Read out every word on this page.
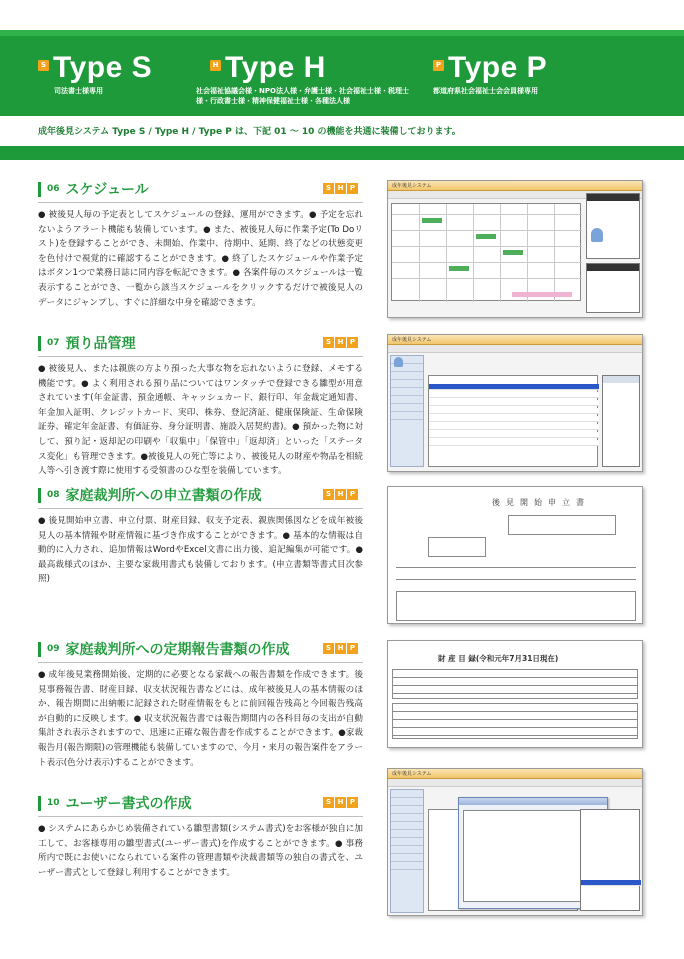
S Type S
司法書士様専用
H Type H
社会福祉協議会様・NPO法人様・弁護士様・社会福祉士様・税理士様・行政書士様・精神保健福祉士様・各種法人様
P Type P
都道府県社会福祉士会会員様専用
成年後見システム Type S / Type H / Type P は、下記 01 〜 10 の機能を共通に装備しております。
06 スケジュール	S H P
● 被後見人毎の予定表としてスケジュールの登録、運用ができます。● 予定を忘れないようアラート機能も装備しています。● また、被後見人毎に作業予定(To Doリスト)を登録することができ、未開始、作業中、待期中、延期、終了などの状態変更を色付けで視覚的に確認することができます。● 終了したスケジュールや作業予定はボタン1つで業務日誌に同内容を転記できます。● 各案件毎のスケジュールは一覧表示することができ、一覧から該当スケジュールをクリックするだけで被後見人のデータにジャンプし、すぐに詳細な中身を確認できます。
成年後見システム
07 預り品管理	S H P
● 被後見人、または親族の方より預った大事な物を忘れないように登録、メモする機能です。● よく利用される預り品についてはワンタッチで登録できる雛型が用意されています(年金証書、預金通帳、キャッシュカード、銀行印、年金裁定通知書、年金加入証明、クレジットカード、実印、株券、登記済証、健康保険証、生命保険証券、確定年金証書、有価証券、身分証明書、施設入居契約書)。● 預かった物に対して、預り記・返却記の印刷や「収集中」「保管中」「返却済」といった「ステータス変化」も管理できます。●被後見人の死亡等により、被後見人の財産や物品を相続人等へ引き渡す際に使用する受領書のひな型を装備しています。
成年後見システム
08 家庭裁判所への申立書類の作成	S H P
● 後見開始申立書、申立付票、財産目録、収支予定表、親族関係図などを成年被後見人の基本情報や財産情報に基づき作成することができます。● 基本的な情報は自動的に入力され、追加情報はWordやExcel文書に出力後、追記編集が可能です。● 最高裁様式のほか、主要な家裁用書式も装備しております。(申立書類等書式目次参照)
後見開始申立書
09 家庭裁判所への定期報告書類の作成	S H P
● 成年後見業務開始後、定期的に必要となる家裁への報告書類を作成できます。後見事務報告書、財産目録、収支状況報告書などには、成年被後見人の基本情報のほか、報告期間に出納帳に記録された財産情報をもとに前回報告残高と今回報告残高が自動的に反映します。● 収支状況報告書では報告期間内の各科目毎の支出が自動集計され表示されますので、迅速に正確な報告書を作成することができます。●家裁報告月(報告期限)の管理機能も装備していますので、今月・来月の報告案件をアラート表示(色分け表示)することができます。
財 産 目 録(令和元年7月31日現在)
10 ユーザー書式の作成	S H P
● システムにあらかじめ装備されている雛型書類(システム書式)をお客様が独自に加工して、お客様専用の雛型書式(ユーザー書式)を作成することができます。● 事務所内で既にお使いになられている案件の管理書類や決裁書類等の独自の書式を、ユーザー書式として登録し利用することができます。
成年後見システム
